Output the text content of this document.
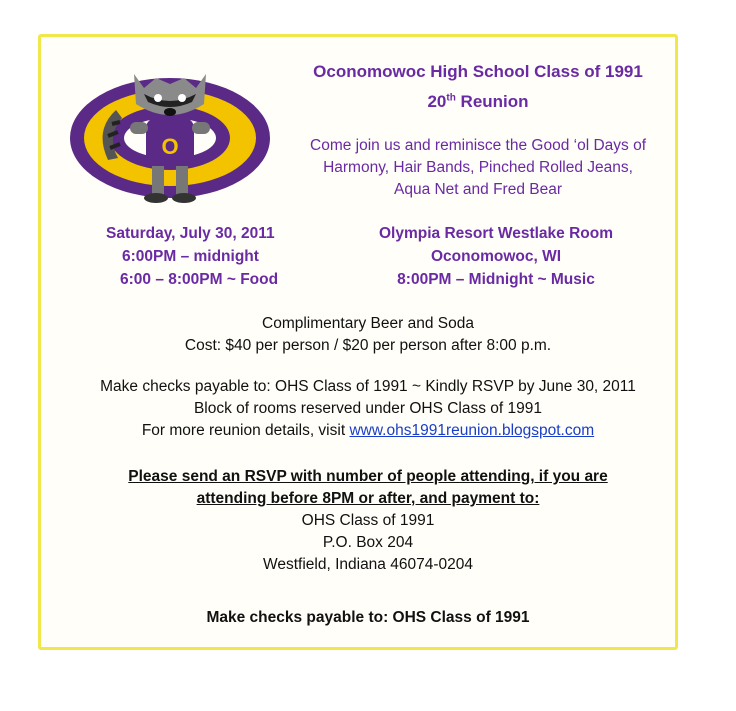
O
Oconomowoc High School Class of 1991
20th Reunion
Come join us and reminisce the Good ‘ol Days of
Harmony, Hair Bands, Pinched Rolled Jeans,
Aqua Net and Fred Bear
Saturday, July 30, 2011
6:00PM – midnight
6:00 – 8:00PM ~ Food
Olympia Resort Westlake Room
Oconomowoc, WI
8:00PM – Midnight ~ Music
Complimentary Beer and Soda
Cost: $40 per person / $20 per person after 8:00 p.m.
Make checks payable to: OHS Class of 1991 ~ Kindly RSVP by June 30, 2011
Block of rooms reserved under OHS Class of 1991
For more reunion details, visit www.ohs1991reunion.blogspot.com
Please send an RSVP with number of people attending, if you are
attending before 8PM or after, and payment to:
OHS Class of 1991
P.O. Box 204
Westfield, Indiana 46074-0204
Make checks payable to: OHS Class of 1991
